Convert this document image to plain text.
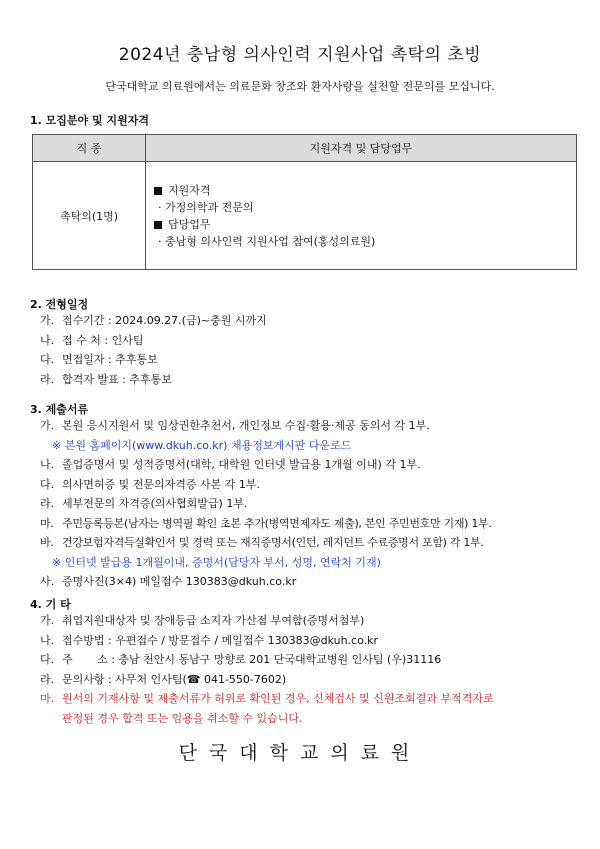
2024년 충남형 의사인력 지원사업 촉탁의 초빙
단국대학교 의료원에서는 의료문화 창조와 환자사랑을 실천할 전문의를 모십니다.
1. 모집분야 및 지원자격
직 종	지원자격 및 담당업무
촉탁의(1명)	지원자격
· 가정의학과 전문의
담당업무
· 충남형 의사인력 지원사업 참여(홍성의료원)
2. 전형일정
가. 접수기간 : 2024.09.27.(금)~충원 시까지
나. 접 수 처 : 인사팀
다. 면접일자 : 추후통보
라. 합격자 발표 : 추후통보
3. 제출서류
가. 본원 응시지원서 및 임상권한추천서, 개인정보 수집·활용·제공 동의서 각 1부.
※ 본원 홈페이지(www.dkuh.co.kr) 채용정보게시판 다운로드
나. 졸업증명서 및 성적증명서(대학, 대학원 인터넷 발급용 1개월 이내) 각 1부.
다. 의사면허증 및 전문의자격증 사본 각 1부.
라. 세부전문의 자격증(의사협회발급) 1부.
마. 주민등록등본(남자는 병역필 확인 초본 추가(병역면제자도 제출), 본인 주민번호만 기재) 1부.
바. 건강보험자격득실확인서 및 경력 또는 재직증명서(인턴, 레지던트 수료증명서 포함) 각 1부.
※ 인터넷 발급용 1개월이내, 증명서(담당자 부서, 성명, 연락처 기재)
사. 증명사진(3×4) 메일접수 130383@dkuh.co.kr
4. 기 타
가. 취업지원대상자 및 장애등급 소지자 가산점 부여함(증명서첨부)
나. 접수방법 : 우편접수 / 방문접수 / 메일접수 130383@dkuh.co.kr
다. 주       소 : 충남 천안시 동남구 망향로 201 단국대학교병원 인사팀 (우)31116
라. 문의사항 : 사무처 인사팀(☎ 041-550-7602)
마. 원서의 기재사항 및 제출서류가 허위로 확인된 경우, 신체검사 및 신원조회결과 부적격자로
판정된 경우 합격 또는 임용을 취소할 수 있습니다.
단국대학교의료원
